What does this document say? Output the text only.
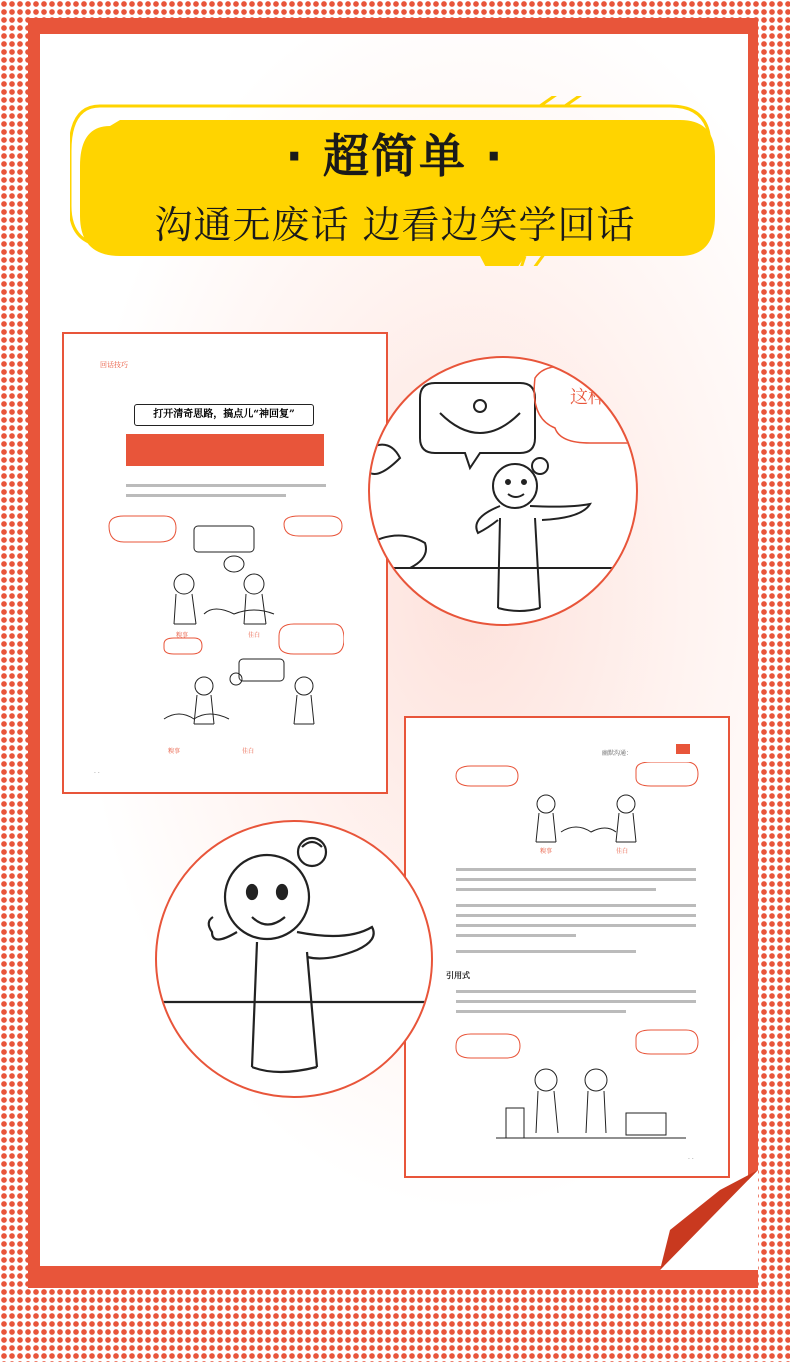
· 超简单 ·
沟通无废话 边看边笑学回话
回话技巧
打开清奇思路，搞点儿“神回复”
糗事	佳白
糗事	佳白
· ·
幽默沟通：
糗事	佳白
引用式
· ·
这样
